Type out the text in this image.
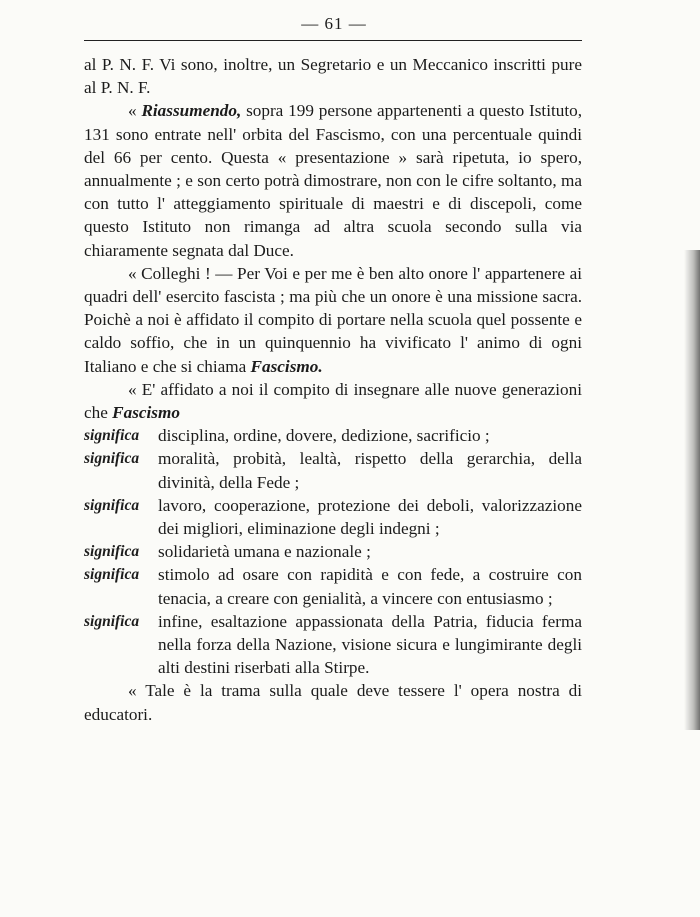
— 61 —

al P. N. F. Vi sono, inoltre, un Segretario e un Meccanico inscritti pure al P. N. F.

« Riassumendo, sopra 199 persone appartenenti a questo Istituto, 131 sono entrate nell' orbita del Fascismo, con una percentuale quindi del 66 per cento. Questa « presentazione » sarà ripetuta, io spero, annualmente ; e son certo potrà dimostrare, non con le cifre soltanto, ma con tutto l' atteggiamento spirituale di maestri e di discepoli, come questo Istituto non rimanga ad altra scuola secondo sulla via chiaramente segnata dal Duce.

« Colleghi ! — Per Voi e per me è ben alto onore l' appartenere ai quadri dell' esercito fascista ; ma più che un onore è una missione sacra. Poichè a noi è affidato il compito di portare nella scuola quel possente e caldo soffio, che in un quinquennio ha vivificato l' animo di ogni Italiano e che si chiama Fascismo.

« E' affidato a noi il compito di insegnare alle nuove generazioni che Fascismo

significa	disciplina, ordine, dovere, dedizione, sacrificio ;
significa	moralità, probità, lealtà, rispetto della gerarchia, della divinità, della Fede ;
significa	lavoro, cooperazione, protezione dei deboli, valorizzazione dei migliori, eliminazione degli indegni ;
significa	solidarietà umana e nazionale ;
significa	stimolo ad osare con rapidità e con fede, a costruire con tenacia, a creare con genialità, a vincere con entusiasmo ;
significa	infine, esaltazione appassionata della Patria, fiducia ferma nella forza della Nazione, visione sicura e lungimirante degli alti destini riserbati alla Stirpe.

« Tale è la trama sulla quale deve tessere l' opera nostra di educatori.
